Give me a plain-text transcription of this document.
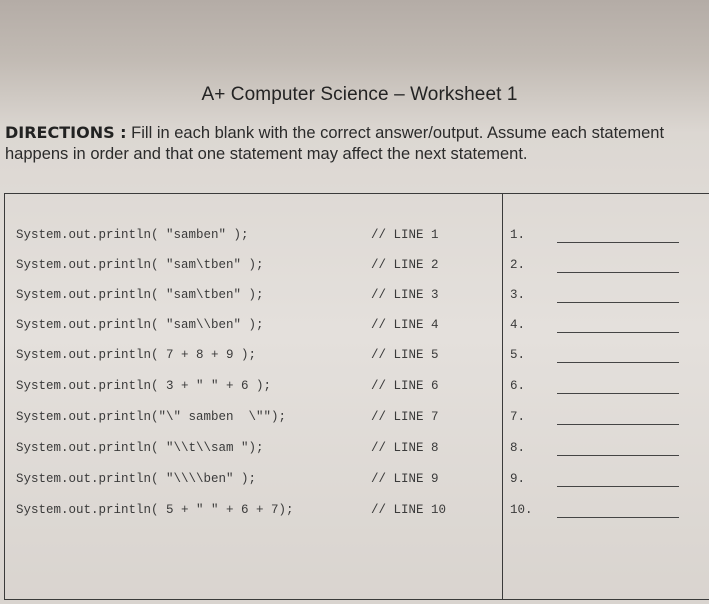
A+ Computer Science – Worksheet 1
DIRECTIONS : Fill in each blank with the correct answer/output. Assume each statement happens in order and that one statement may affect the next statement.
System.out.println( "samben" );	// LINE 1	1.
System.out.println( "sam\tben" );	// LINE 2	2.
System.out.println( "sam\tben" );	// LINE 3	3.
System.out.println( "sam\\ben" );	// LINE 4	4.
System.out.println( 7 + 8 + 9 );	// LINE 5	5.
System.out.println( 3 + " " + 6 );	// LINE 6	6.
System.out.println("\" samben  \"");	// LINE 7	7.
System.out.println( "\\t\\sam ");	// LINE 8	8.
System.out.println( "\\\\ben" );	// LINE 9	9.
System.out.println( 5 + " " + 6 + 7);	// LINE 10	10.
